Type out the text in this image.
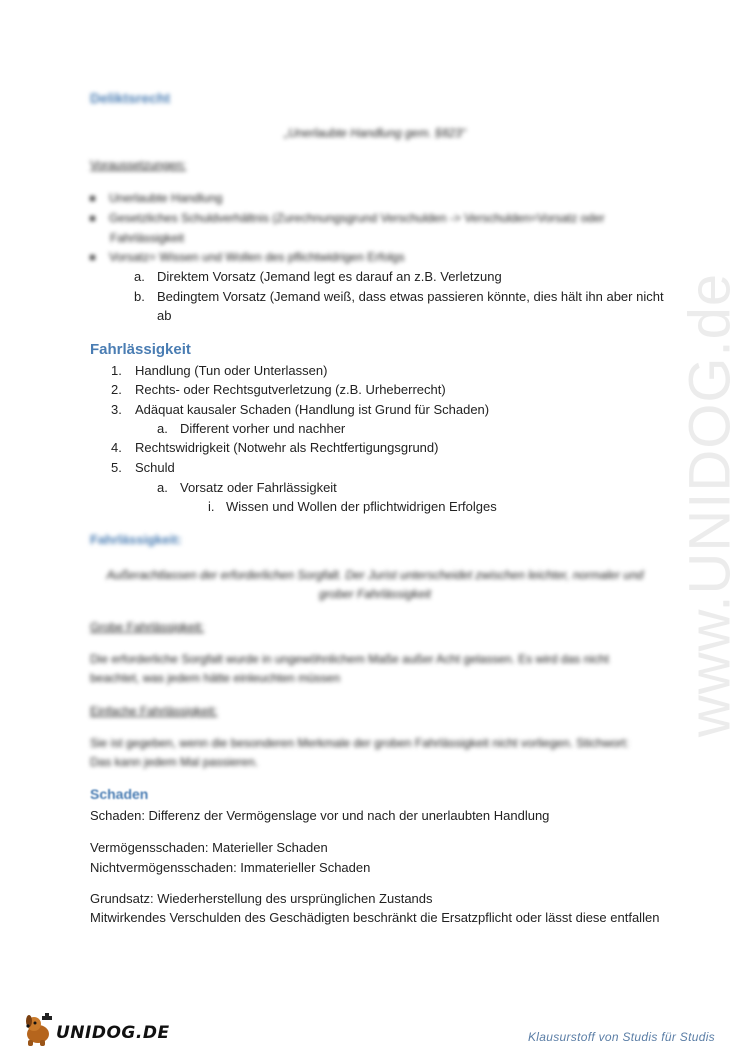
www.UNIDOG.de
Deliktsrecht
„Unerlaubte Handlung gem. §823“
Voraussetzungen:
Unerlaubte Handlung
Gesetzliches Schuldverhältnis (Zurechnungsgrund Verschulden -> Verschulden=Vorsatz oder
Fahrlässigkeit
Vorsatz= Wissen und Wollen des pflichtwidrigen Erfolgs
a. Direktem Vorsatz (Jemand legt es darauf an z.B. Verletzung
b. Bedingtem Vorsatz (Jemand weiß, dass etwas passieren könnte, dies hält ihn aber nicht
ab
Fahrlässigkeit
1. Handlung (Tun oder Unterlassen)
2. Rechts- oder Rechtsgutverletzung (z.B. Urheberrecht)
3. Adäquat kausaler Schaden (Handlung ist Grund für Schaden)
a. Different vorher und nachher
4. Rechtswidrigkeit (Notwehr als Rechtfertigungsgrund)
5. Schuld
a. Vorsatz oder Fahrlässigkeit
i. Wissen und Wollen der pflichtwidrigen Erfolges
Fahrlässigkeit:
Außerachtlassen der erforderlichen Sorgfalt. Der Jurist unterscheidet zwischen leichter, normaler und
grober Fahrlässigkeit
Grobe Fahrlässigkeit:
Die erforderliche Sorgfalt wurde in ungewöhnlichem Maße außer Acht gelassen. Es wird das nicht
beachtet, was jedem hätte einleuchten müssen
Einfache Fahrlässigkeit:
Sie ist gegeben, wenn die besonderen Merkmale der groben Fahrlässigkeit nicht vorliegen. Stichwort:
Das kann jedem Mal passieren.
Schaden
Schaden: Differenz der Vermögenslage vor und nach der unerlaubten Handlung
Vermögensschaden: Materieller Schaden
Nichtvermögensschaden: Immaterieller Schaden
Grundsatz: Wiederherstellung des ursprünglichen Zustands
Mitwirkendes Verschulden des Geschädigten beschränkt die Ersatzpflicht oder lässt diese entfallen
UNIDOG.DE	Klausurstoff von Studis für Studis
